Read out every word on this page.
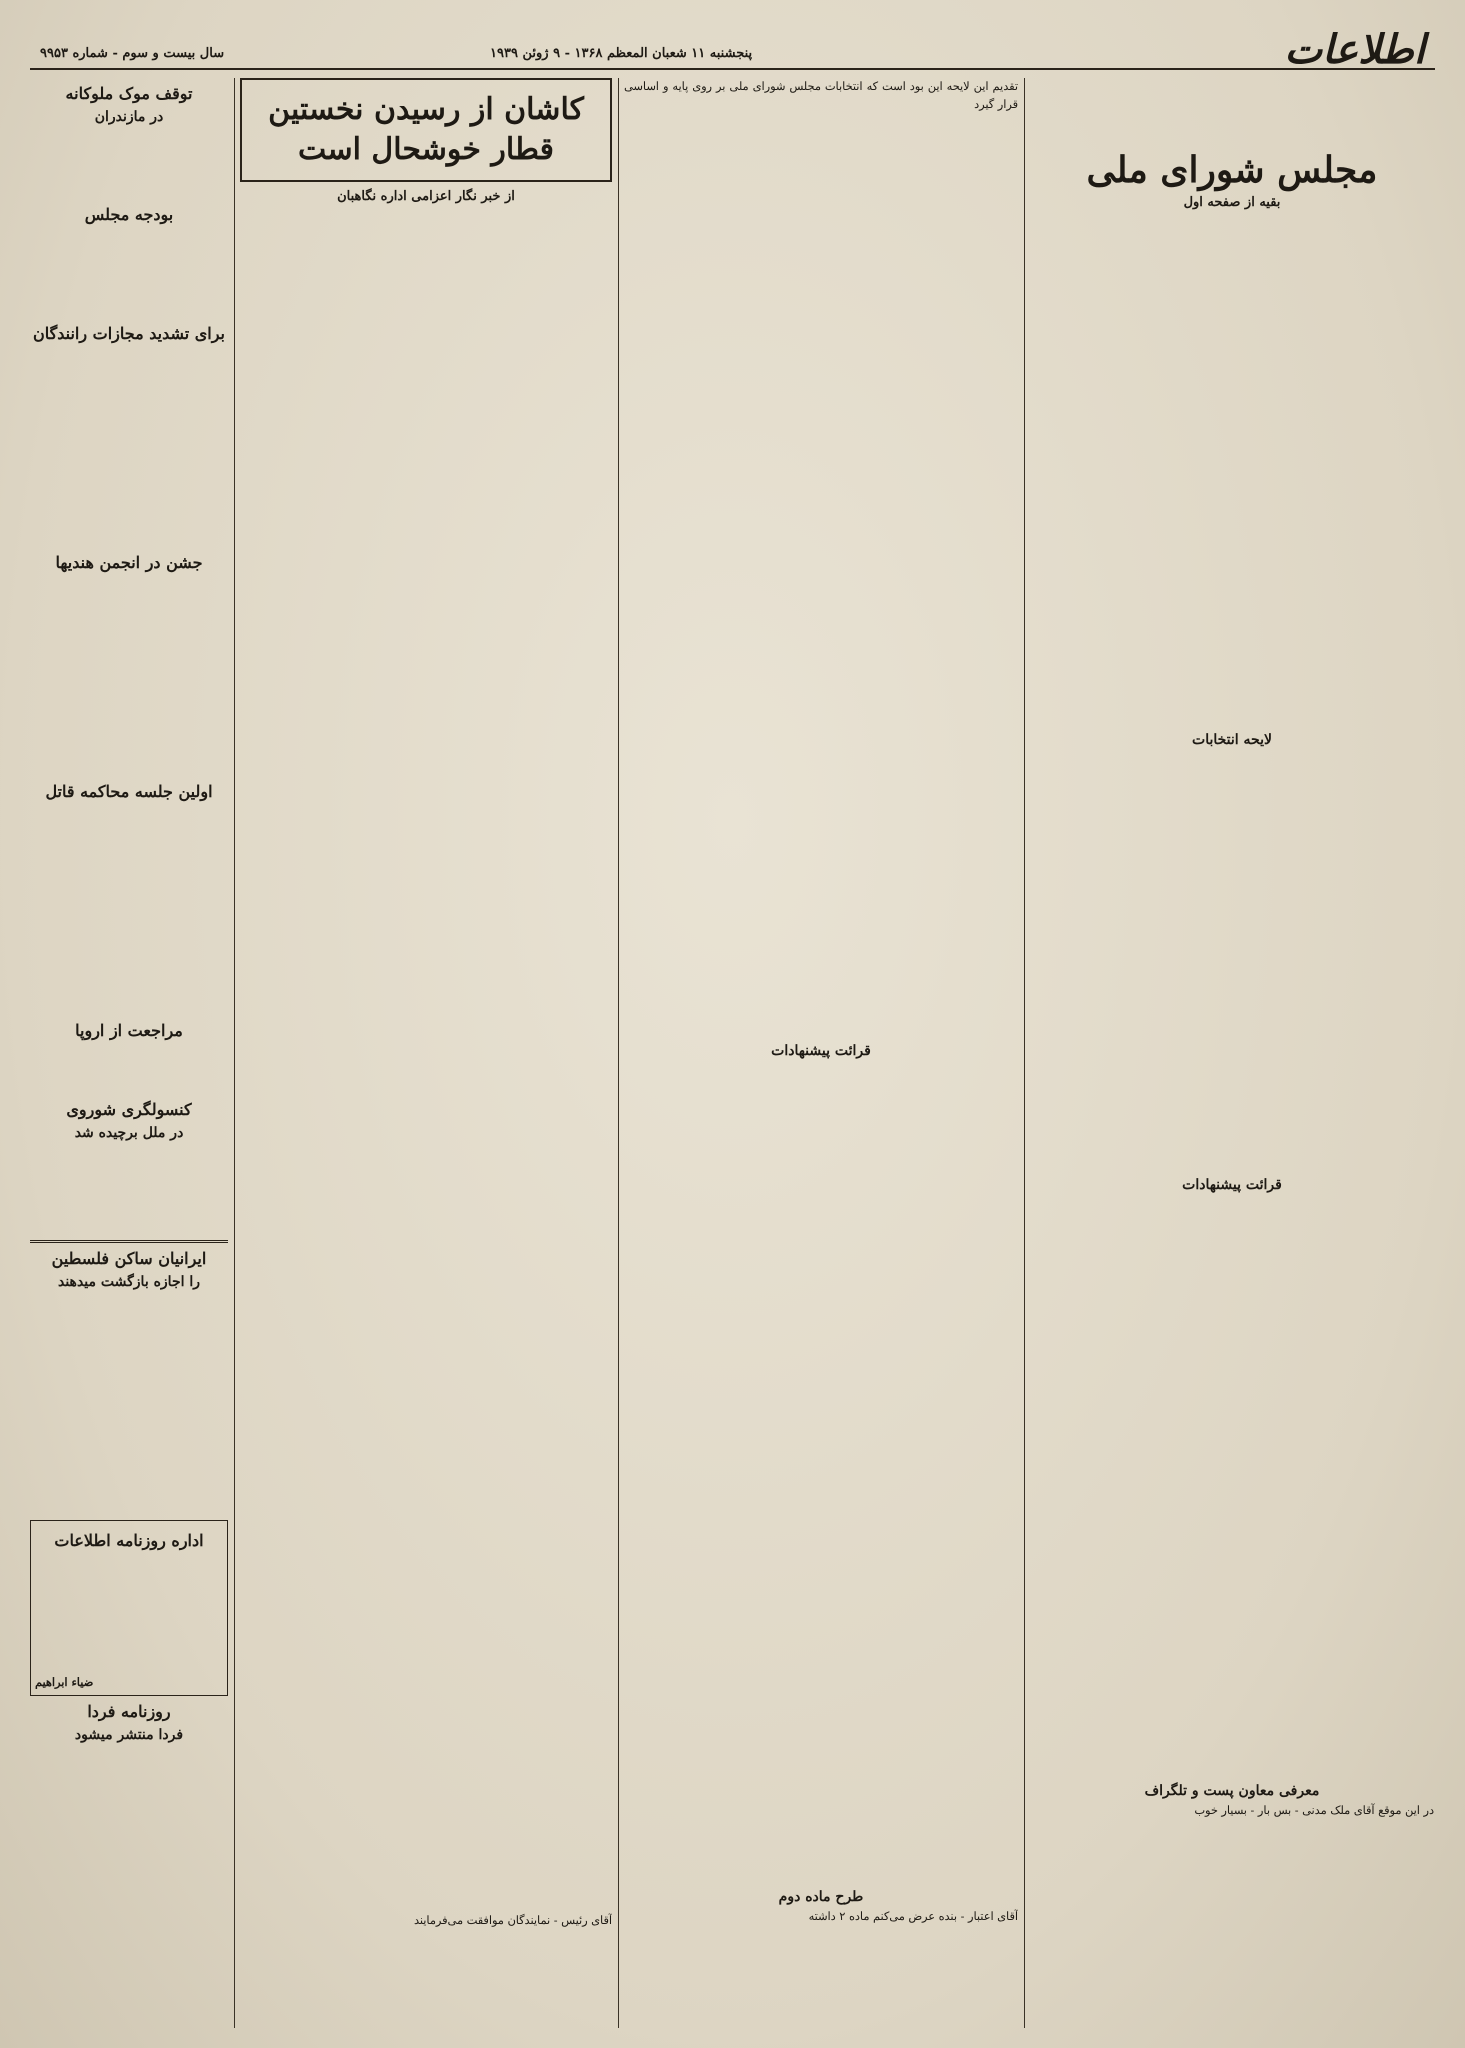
اطلاعات
پنجشنبه ۱۱ شعبان المعظم ۱۳۶۸ - ۹ ژوئن ۱۹۳۹
سال بیست و سوم - شماره ۹۹۵۳
مجلس شورای ملی
بقیه از صفحه اول

لایحه انتخابات
قرائت پیشنهادات
معرفی معاون پست و تلگراف

در این موقع آقای ملک مدنی - بس‌ بار - بسیار خوب

تقدیم این لایحه این بود است که انتخابات مجلس شورای ملی بر روی پایه و اساسی قرار گیرد

قرائت پیشنهادات
طرح ماده دوم

آقای اعتبار - بنده عرض می‌کنم ماده ۲ داشته

کاشان از رسیدن نخستین قطار خوشحال است
از خبر نگار اعزامی اداره نگاهبان

آقای رئیس - نمایندگان موافقت می‌فرمایند

توقف موک ملوکانه
در مازندران
بودجه مجلس
برای تشدید مجازات رانندگان
جشن در انجمن هندیها
اولین جلسه محاکمه قاتل
مراجعت از اروپا
کنسولگری شوروی
در ملل برچیده شد
ایرانیان ساکن فلسطین
را اجازه بازگشت میدهند
اداره روزنامه اطلاعات
ضیاء ابراهیم
روزنامه فردا
فردا منتشر میشود
